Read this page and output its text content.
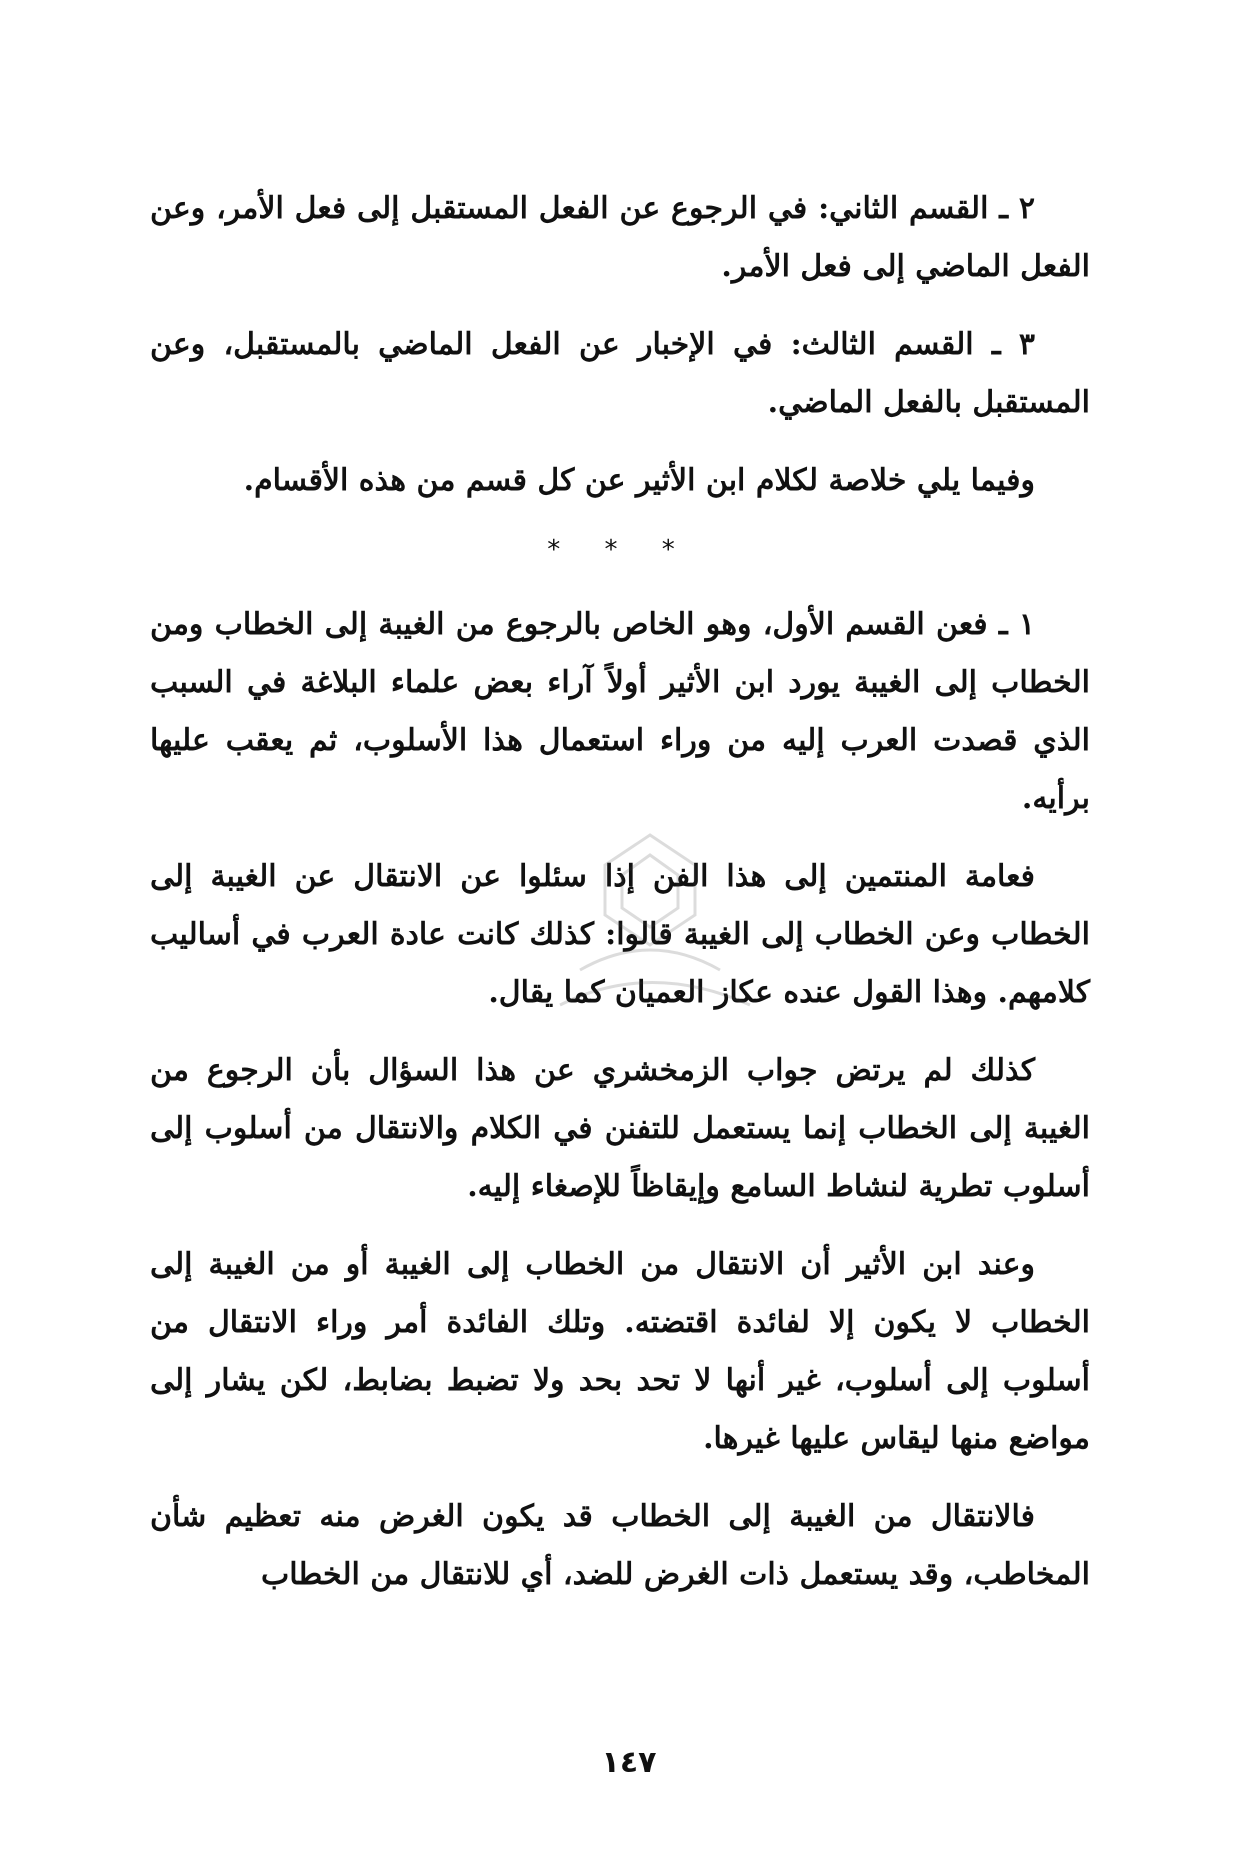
٢ ـ القسم الثاني: في الرجوع عن الفعل المستقبل إلى فعل الأمر، وعن الفعل الماضي إلى فعل الأمر.

٣ ـ القسم الثالث: في الإخبار عن الفعل الماضي بالمستقبل، وعن المستقبل بالفعل الماضي.

وفيما يلي خلاصة لكلام ابن الأثير عن كل قسم من هذه الأقسام.

* * *

١ ـ فعن القسم الأول، وهو الخاص بالرجوع من الغيبة إلى الخطاب ومن الخطاب إلى الغيبة يورد ابن الأثير أولاً آراء بعض علماء البلاغة في السبب الذي قصدت العرب إليه من وراء استعمال هذا الأسلوب، ثم يعقب عليها برأيه.

فعامة المنتمين إلى هذا الفن إذا سئلوا عن الانتقال عن الغيبة إلى الخطاب وعن الخطاب إلى الغيبة قالوا: كذلك كانت عادة العرب في أساليب كلامهم. وهذا القول عنده عكاز العميان كما يقال.

كذلك لم يرتض جواب الزمخشري عن هذا السؤال بأن الرجوع من الغيبة إلى الخطاب إنما يستعمل للتفنن في الكلام والانتقال من أسلوب إلى أسلوب تطرية لنشاط السامع وإيقاظاً للإصغاء إليه.

وعند ابن الأثير أن الانتقال من الخطاب إلى الغيبة أو من الغيبة إلى الخطاب لا يكون إلا لفائدة اقتضته. وتلك الفائدة أمر وراء الانتقال من أسلوب إلى أسلوب، غير أنها لا تحد بحد ولا تضبط بضابط، لكن يشار إلى مواضع منها ليقاس عليها غيرها.

فالانتقال من الغيبة إلى الخطاب قد يكون الغرض منه تعظيم شأن المخاطب، وقد يستعمل ذات الغرض للضد، أي للانتقال من الخطاب

١٤٧
